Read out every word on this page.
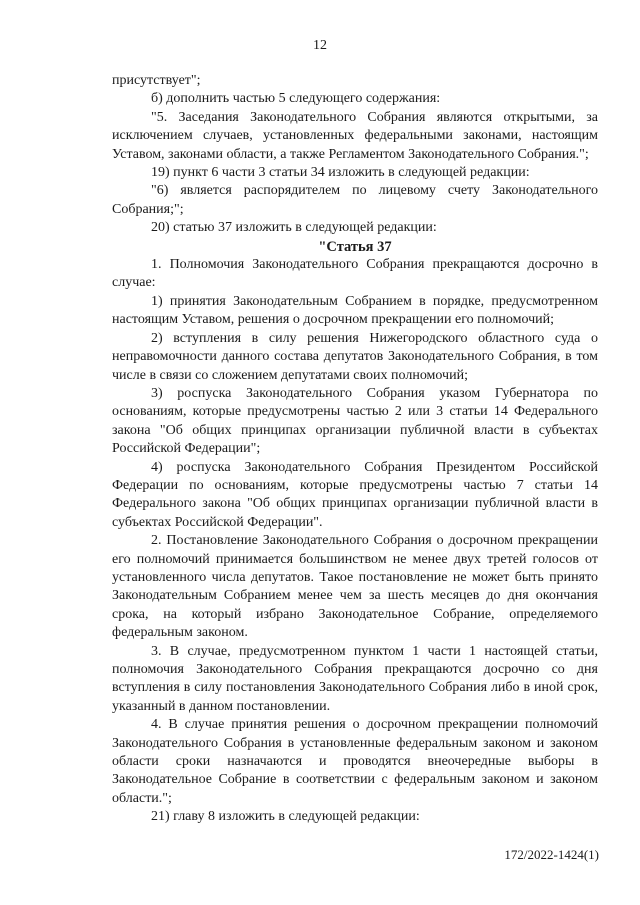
12

присутствует";

б) дополнить частью 5 следующего содержания:

"5. Заседания Законодательного Собрания являются открытыми, за исключением случаев, установленных федеральными законами, настоящим Уставом, законами области, а также Регламентом Законодательного Собрания.";

19) пункт 6 части 3 статьи 34 изложить в следующей редакции:

"6) является распорядителем по лицевому счету Законодательного Собрания;";

20) статью 37 изложить в следующей редакции:

"Статья 37

1. Полномочия Законодательного Собрания прекращаются досрочно в случае:

1) принятия Законодательным Собранием в порядке, предусмотренном настоящим Уставом, решения о досрочном прекращении его полномочий;

2) вступления в силу решения Нижегородского областного суда о неправомочности данного состава депутатов Законодательного Собрания, в том числе в связи со сложением депутатами своих полномочий;

3) роспуска Законодательного Собрания указом Губернатора по основаниям, которые предусмотрены частью 2 или 3 статьи 14 Федерального закона "Об общих принципах организации публичной власти в субъектах Российской Федерации";

4) роспуска Законодательного Собрания Президентом Российской Федерации по основаниям, которые предусмотрены частью 7 статьи 14 Федерального закона "Об общих принципах организации публичной власти в субъектах Российской Федерации".

2. Постановление Законодательного Собрания о досрочном прекращении его полномочий принимается большинством не менее двух третей голосов от установленного числа депутатов. Такое постановление не может быть принято Законодательным Собранием менее чем за шесть месяцев до дня окончания срока, на который избрано Законодательное Собрание, определяемого федеральным законом.

3. В случае, предусмотренном пунктом 1 части 1 настоящей статьи, полномочия Законодательного Собрания прекращаются досрочно со дня вступления в силу постановления Законодательного Собрания либо в иной срок, указанный в данном постановлении.

4. В случае принятия решения о досрочном прекращении полномочий Законодательного Собрания в установленные федеральным законом и законом области сроки назначаются и проводятся внеочередные выборы в Законодательное Собрание в соответствии с федеральным законом и законом области.";

21) главу 8 изложить в следующей редакции:

172/2022-1424(1)
